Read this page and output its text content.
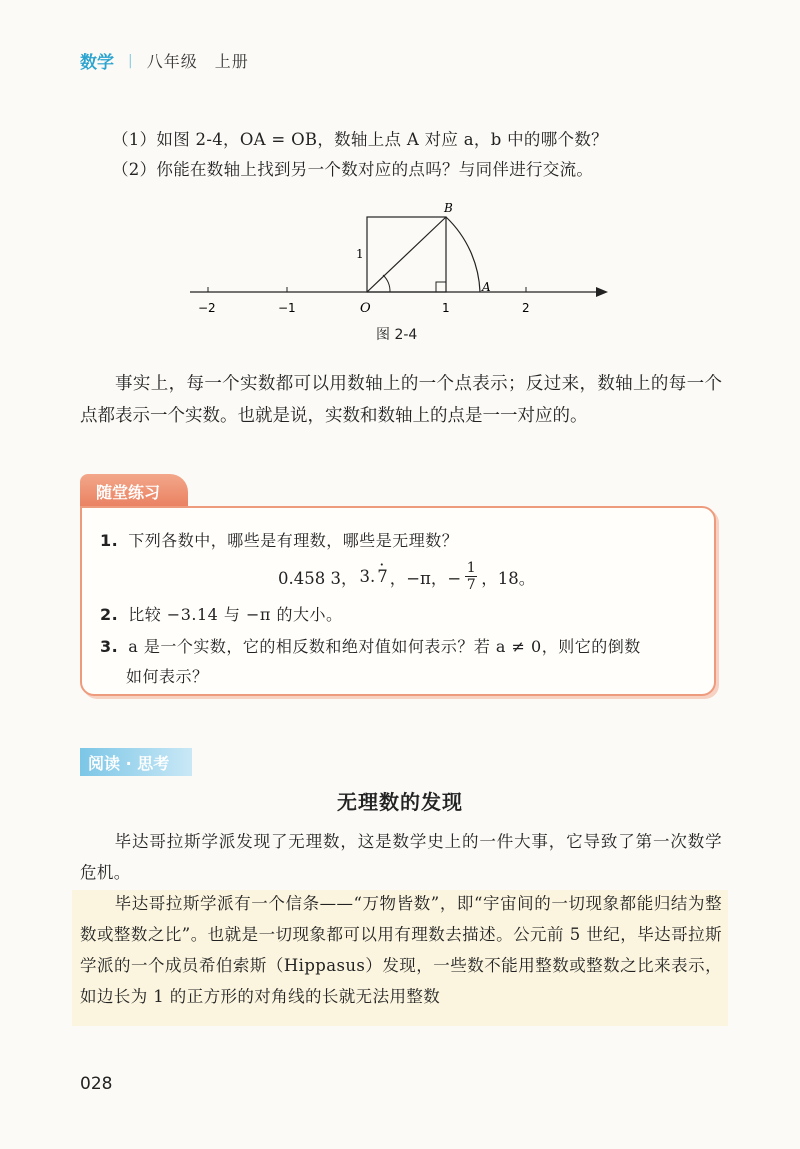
数学 | 八年级　上册
（1）如图 2-4，OA = OB，数轴上点 A 对应 a，b 中的哪个数？
（2）你能在数轴上找到另一个数对应的点吗？与同伴进行交流。
−2	−1	1	2
O
A
B
1
图 2-4
事实上，每一个实数都可以用数轴上的一个点表示；反过来，数轴上的每一个点都表示一个实数。也就是说，实数和数轴上的点是一一对应的。
随堂练习
1. 下列各数中，哪些是有理数，哪些是无理数？
0.458 3， 3. 7 · ，−π，− $\frac{1}{7}$ ，18。
2. 比较 −3.14 与 −π 的大小。
3. a 是一个实数，它的相反数和绝对值如何表示？若 a ≠ 0，则它的倒数
如何表示？
阅读 · 思考
无理数的发现
毕达哥拉斯学派发现了无理数，这是数学史上的一件大事，它导致了第一次数学危机。
毕达哥拉斯学派有一个信条——“万物皆数”，即“宇宙间的一切现象都能归结为整数或整数之比”。也就是一切现象都可以用有理数去描述。公元前 5 世纪，毕达哥拉斯学派的一个成员希伯索斯（Hippasus）发现，一些数不能用整数或整数之比来表示，如边长为 1 的正方形的对角线的长就无法用整数
028
